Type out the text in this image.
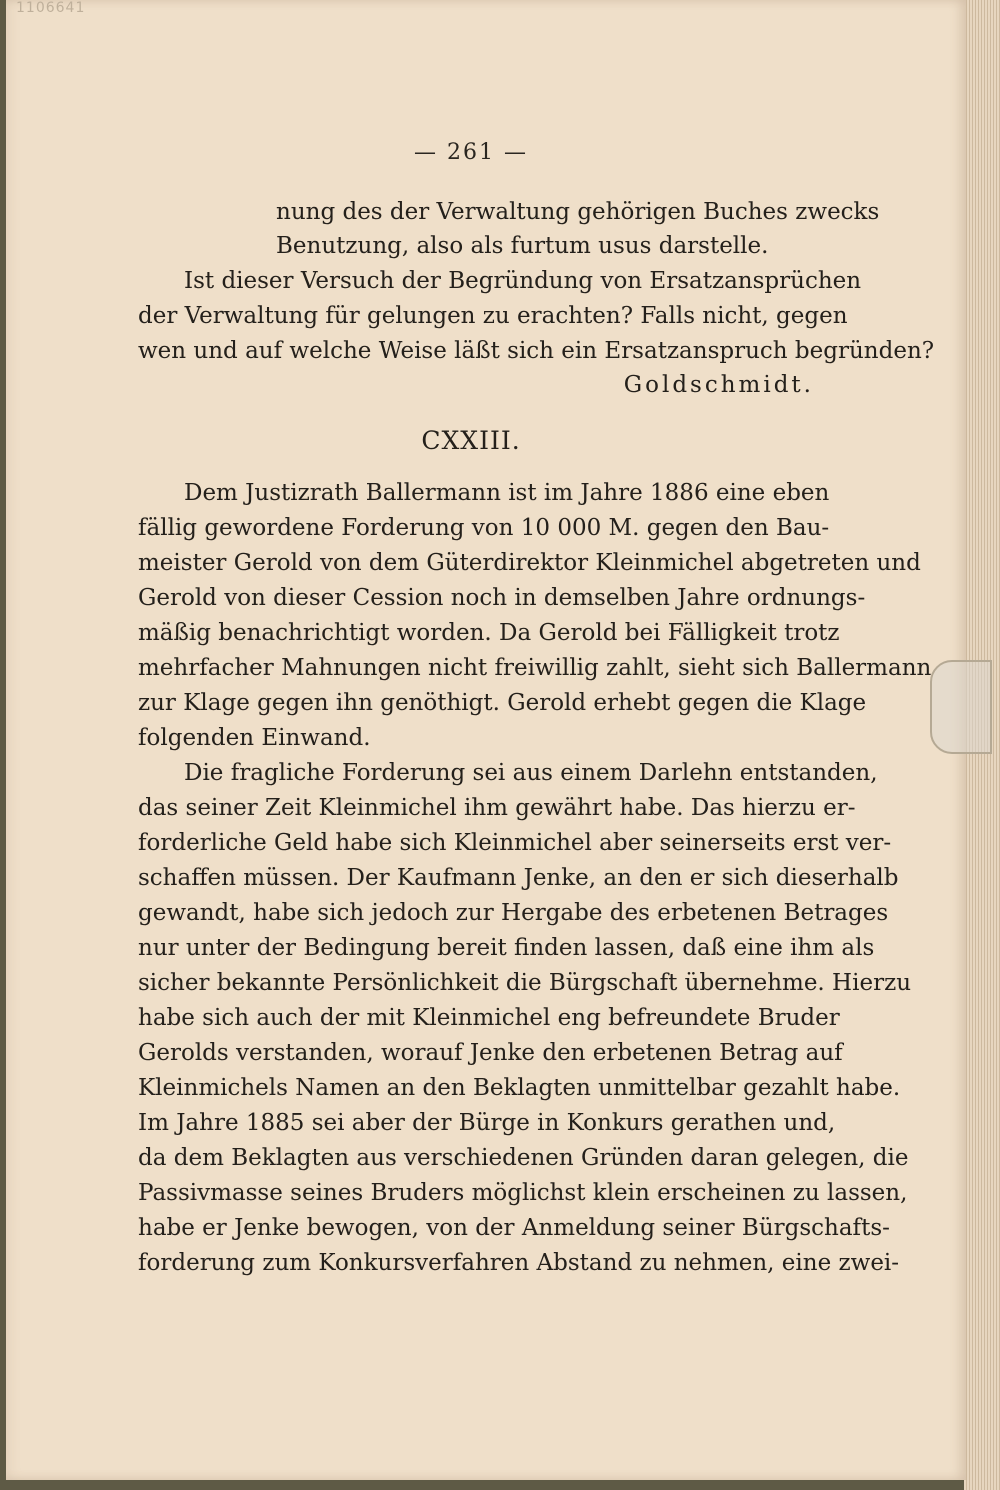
1106641
— 261 —
nung des der Verwaltung gehörigen Buches zwecks
Benutzung, also als furtum usus darstelle.
Ist dieser Versuch der Begründung von Ersatzansprüchen
der Verwaltung für gelungen zu erachten? Falls nicht, gegen
wen und auf welche Weise läßt sich ein Ersatzanspruch begründen?
Goldschmidt.
CXXIII.
Dem Justizrath Ballermann ist im Jahre 1886 eine eben
fällig gewordene Forderung von 10 000 M. gegen den Bau-
meister Gerold von dem Güterdirektor Kleinmichel abgetreten und
Gerold von dieser Cession noch in demselben Jahre ordnungs-
mäßig benachrichtigt worden. Da Gerold bei Fälligkeit trotz
mehrfacher Mahnungen nicht freiwillig zahlt, sieht sich Ballermann
zur Klage gegen ihn genöthigt. Gerold erhebt gegen die Klage
folgenden Einwand.
Die fragliche Forderung sei aus einem Darlehn entstanden,
das seiner Zeit Kleinmichel ihm gewährt habe. Das hierzu er-
forderliche Geld habe sich Kleinmichel aber seinerseits erst ver-
schaffen müssen. Der Kaufmann Jenke, an den er sich dieserhalb
gewandt, habe sich jedoch zur Hergabe des erbetenen Betrages
nur unter der Bedingung bereit finden lassen, daß eine ihm als
sicher bekannte Persönlichkeit die Bürgschaft übernehme. Hierzu
habe sich auch der mit Kleinmichel eng befreundete Bruder
Gerolds verstanden, worauf Jenke den erbetenen Betrag auf
Kleinmichels Namen an den Beklagten unmittelbar gezahlt habe.
Im Jahre 1885 sei aber der Bürge in Konkurs gerathen und,
da dem Beklagten aus verschiedenen Gründen daran gelegen, die
Passivmasse seines Bruders möglichst klein erscheinen zu lassen,
habe er Jenke bewogen, von der Anmeldung seiner Bürgschafts-
forderung zum Konkursverfahren Abstand zu nehmen, eine zwei-
